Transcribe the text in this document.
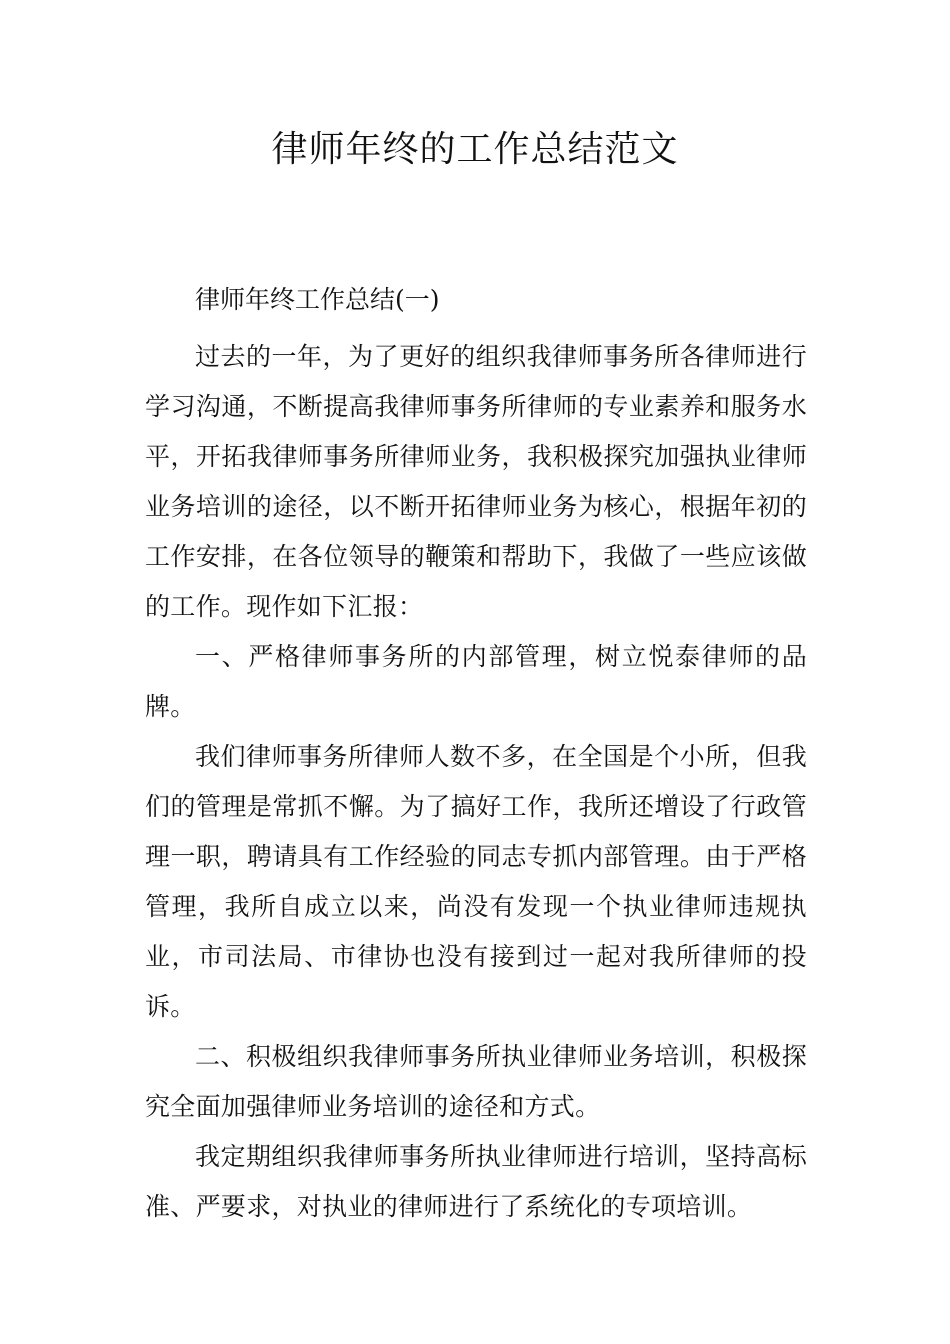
律师年终的工作总结范文

律师年终工作总结(一)

过去的一年，为了更好的组织我律师事务所各律师进行学习沟通，不断提高我律师事务所律师的专业素养和服务水平，开拓我律师事务所律师业务，我积极探究加强执业律师业务培训的途径，以不断开拓律师业务为核心，根据年初的工作安排，在各位领导的鞭策和帮助下，我做了一些应该做的工作。现作如下汇报：

一、严格律师事务所的内部管理，树立悦泰律师的品牌。

我们律师事务所律师人数不多，在全国是个小所，但我们的管理是常抓不懈。为了搞好工作，我所还增设了行政管理一职，聘请具有工作经验的同志专抓内部管理。由于严格管理，我所自成立以来，尚没有发现一个执业律师违规执业，市司法局、市律协也没有接到过一起对我所律师的投诉。

二、积极组织我律师事务所执业律师业务培训，积极探究全面加强律师业务培训的途径和方式。

我定期组织我律师事务所执业律师进行培训，坚持高标准、严要求，对执业的律师进行了系统化的专项培训。
